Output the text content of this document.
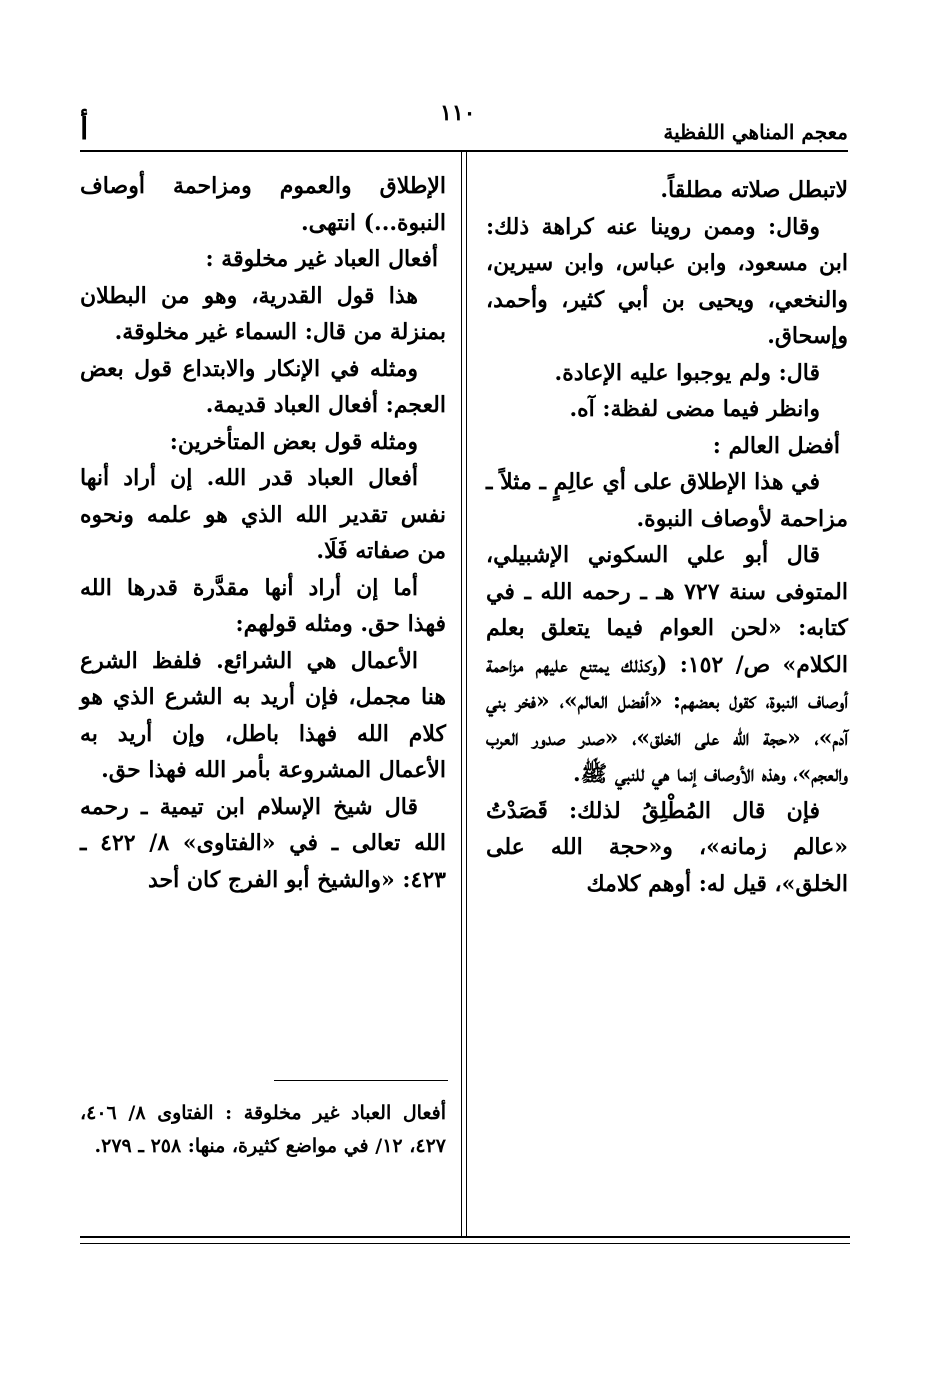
معجم المناهي اللفظية
١١٠
أ

لاتبطل صلاته مطلقاً.

وقال: وممن روينا عنه كراهة ذلك: ابن مسعود، وابن عباس، وابن سيرين، والنخعي، ويحيى بن أبي كثير، وأحمد، وإسحاق.

قال: ولم يوجبوا عليه الإعادة.

وانظر فيما مضى لفظة: آه.

أفضل العالم :

في هذا الإطلاق على أي عالِمٍ ـ مثلاً ـ مزاحمة لأوصاف النبوة.

قال أبو علي السكوني الإشبيلي، المتوفى سنة ٧٢٧ هـ ـ رحمه الله ـ في كتابه: «لحن العوام فيما يتعلق بعلم الكلام» ص/ ١٥٢: (وكذلك يمتنع عليهم مزاحمة أوصاف النبوة، كقول بعضهم: «أفضل العالم»، «فخر بني آدم»، «حجة الله على الخلق»، «صدر صدور العرب والعجم»، وهذه الأوصاف إنما هي للنبي ﷺ.

فإن قال المُطْلِقُ لذلك: قَصَدْتُ «عالم زمانه»، و«حجة الله على الخلق»، قيل له: أوهم كلامك

الإطلاق والعموم ومزاحمة أوصاف النبوة...) انتهى.

أفعال العباد غير مخلوقة :

هذا قول القدرية، وهو من البطلان بمنزلة من قال: السماء غير مخلوقة.

ومثله في الإنكار والابتداع قول بعض العجم: أفعال العباد قديمة.

ومثله قول بعض المتأخرين:

أفعال العباد قدر الله. إن أراد أنها نفس تقدير الله الذي هو علمه ونحوه من صفاته فَلَا.

أما إن أراد أنها مقدَّرة قدرها الله فهذا حق. ومثله قولهم:

الأعمال هي الشرائع. فلفظ الشرع هنا مجمل، فإن أريد به الشرع الذي هو كلام الله فهذا باطل، وإن أريد به الأعمال المشروعة بأمر الله فهذا حق.

قال شيخ الإسلام ابن تيمية ـ رحمه الله تعالى ـ في «الفتاوى» ٨/ ٤٢٢ ـ ٤٢٣: «والشيخ أبو الفرج كان أحد

أفعال العباد غير مخلوقة : الفتاوى ٨/ ٤٠٦، ٤٢٧، ١٢/ في مواضع كثيرة، منها: ٢٥٨ ـ ٢٧٩.
